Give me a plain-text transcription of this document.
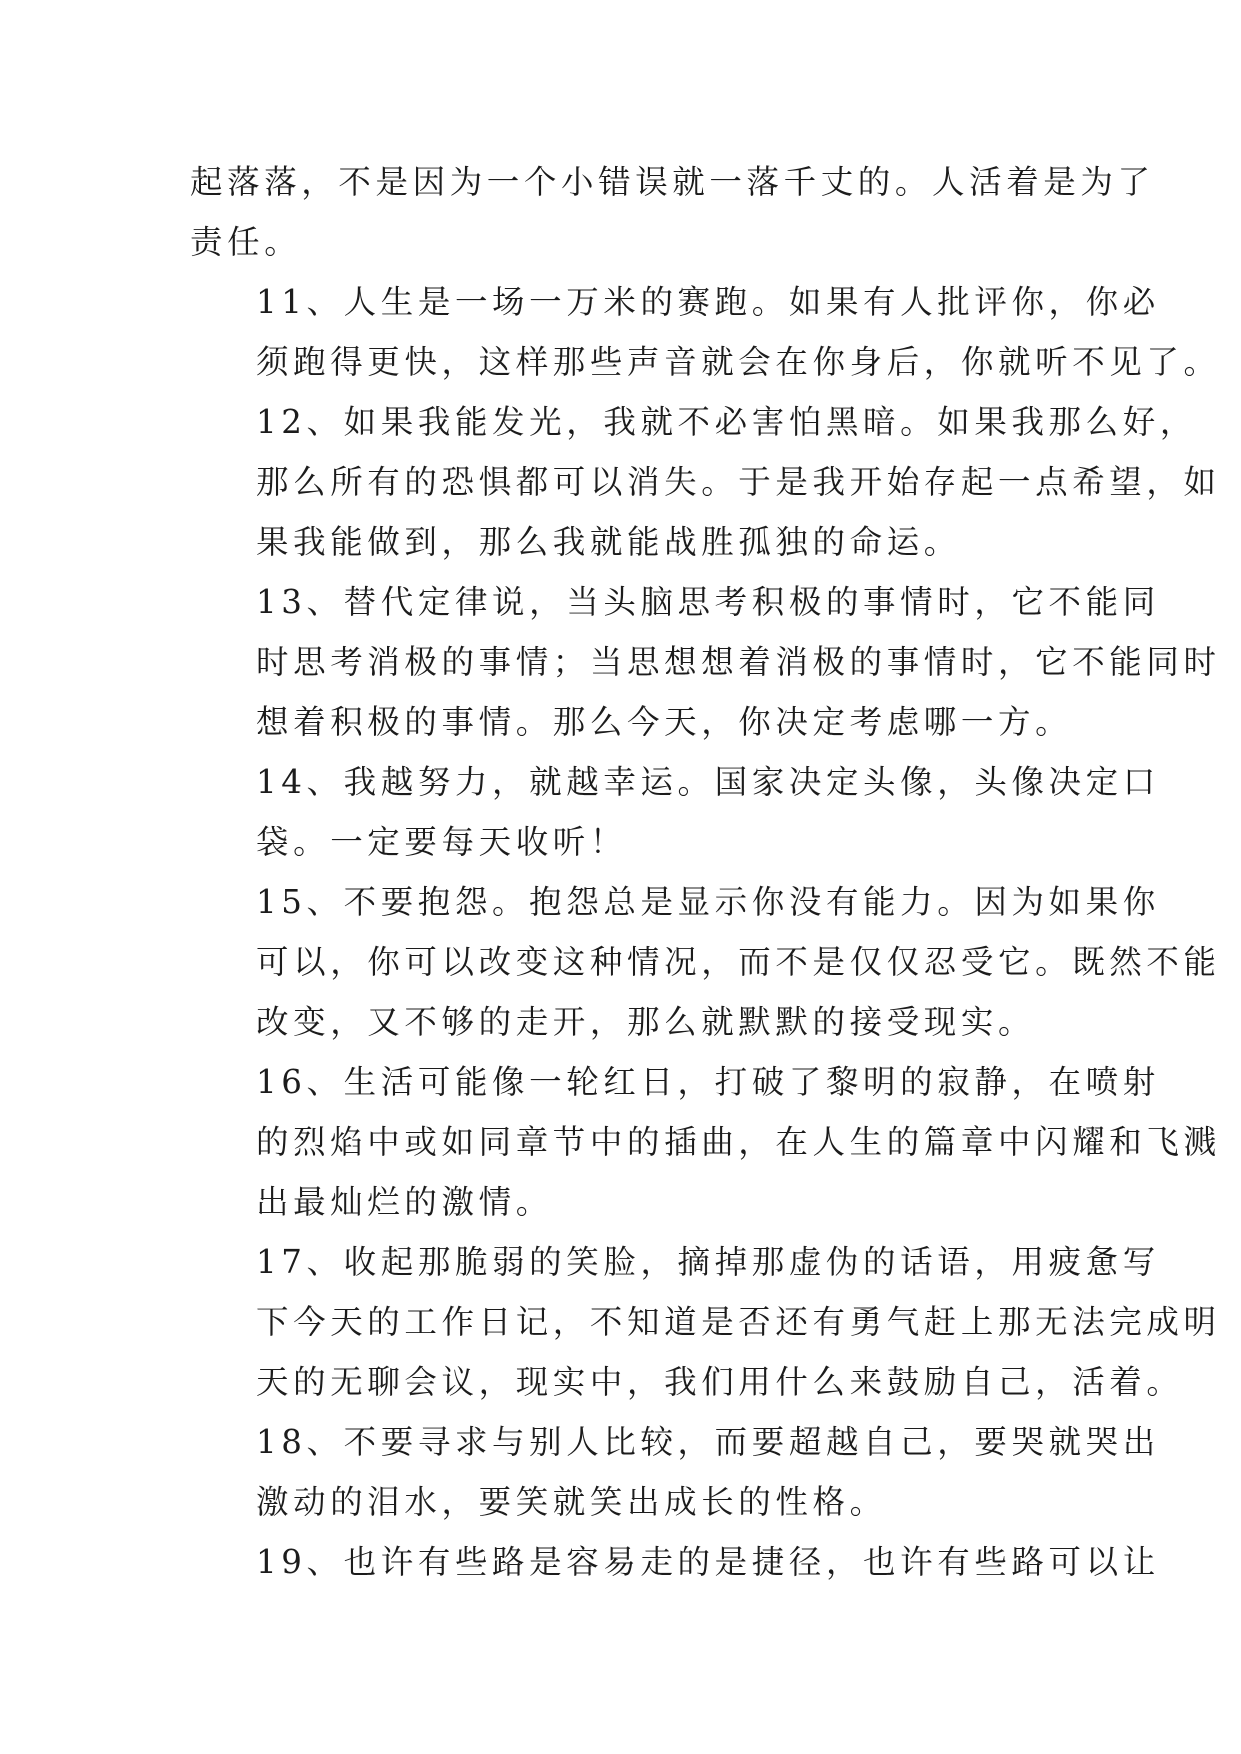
起落落，不是因为一个小错误就一落千丈的。人活着是为了
责任。

11、人生是一场一万米的赛跑。如果有人批评你，你必
须跑得更快，这样那些声音就会在你身后，你就听不见了。

12、如果我能发光，我就不必害怕黑暗。如果我那么好，
那么所有的恐惧都可以消失。于是我开始存起一点希望，如
果我能做到，那么我就能战胜孤独的命运。

13、替代定律说，当头脑思考积极的事情时，它不能同
时思考消极的事情；当思想想着消极的事情时，它不能同时
想着积极的事情。那么今天，你决定考虑哪一方。

14、我越努力，就越幸运。国家决定头像，头像决定口
袋。一定要每天收听！

15、不要抱怨。抱怨总是显示你没有能力。因为如果你
可以，你可以改变这种情况，而不是仅仅忍受它。既然不能
改变，又不够的走开，那么就默默的接受现实。

16、生活可能像一轮红日，打破了黎明的寂静，在喷射
的烈焰中或如同章节中的插曲，在人生的篇章中闪耀和飞溅
出最灿烂的激情。

17、收起那脆弱的笑脸，摘掉那虚伪的话语，用疲惫写
下今天的工作日记，不知道是否还有勇气赶上那无法完成明
天的无聊会议，现实中，我们用什么来鼓励自己，活着。

18、不要寻求与别人比较，而要超越自己，要哭就哭出
激动的泪水，要笑就笑出成长的性格。

19、也许有些路是容易走的是捷径，也许有些路可以让
